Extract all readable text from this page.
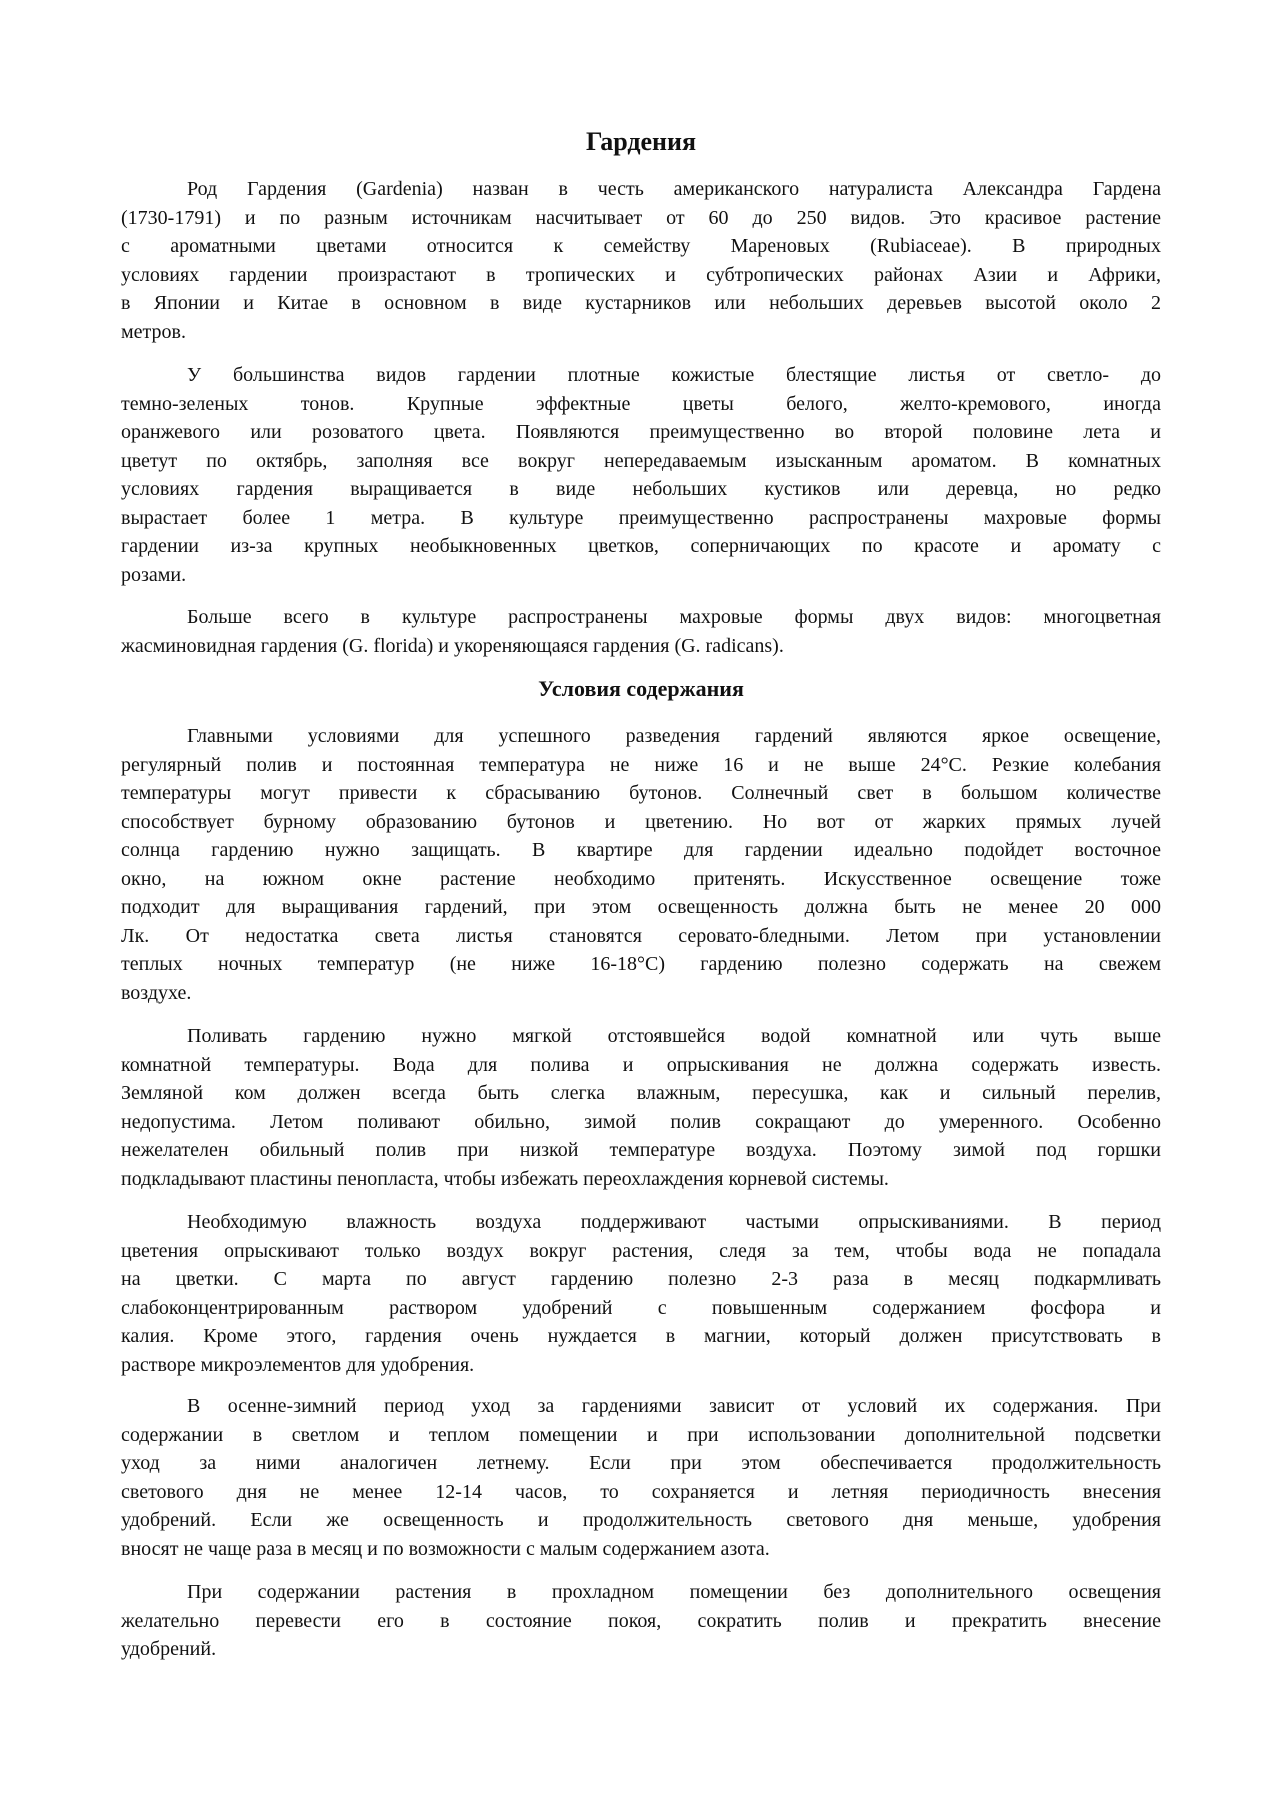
Гардения
Род Гардения (Gardenia) назван в честь американского натуралиста Александра Гардена
(1730-1791) и по разным источникам насчитывает от 60 до 250 видов. Это красивое растение
с ароматными цветами относится к семейству Мареновых (Rubiaceae). В природных
условиях гардении произрастают в тропических и субтропических районах Азии и Африки,
в Японии и Китае в основном в виде кустарников или небольших деревьев высотой около 2
метров.
У большинства видов гардении плотные кожистые блестящие листья от светло- до
темно-зеленых тонов. Крупные эффектные цветы белого, желто-кремового, иногда
оранжевого или розоватого цвета. Появляются преимущественно во второй половине лета и
цветут по октябрь, заполняя все вокруг непередаваемым изысканным ароматом. В комнатных
условиях гардения выращивается в виде небольших кустиков или деревца, но редко
вырастает более 1 метра. В культуре преимущественно распространены махровые формы
гардении из-за крупных необыкновенных цветков, соперничающих по красоте и аромату с
розами.
Больше всего в культуре распространены махровые формы двух видов: многоцветная
жасминовидная гардения (G. florida) и укореняющаяся гардения (G. radicans).
Условия содержания
Главными условиями для успешного разведения гардений являются яркое освещение,
регулярный полив и постоянная температура не ниже 16 и не выше 24°С. Резкие колебания
температуры могут привести к сбрасыванию бутонов. Солнечный свет в большом количестве
способствует бурному образованию бутонов и цветению. Но вот от жарких прямых лучей
солнца гардению нужно защищать. В квартире для гардении идеально подойдет восточное
окно, на южном окне растение необходимо притенять. Искусственное освещение тоже
подходит для выращивания гардений, при этом освещенность должна быть не менее 20 000
Лк. От недостатка света листья становятся серовато-бледными. Летом при установлении
теплых ночных температур (не ниже 16-18°С) гардению полезно содержать на свежем
воздухе.
Поливать гардению нужно мягкой отстоявшейся водой комнатной или чуть выше
комнатной температуры. Вода для полива и опрыскивания не должна содержать известь.
Земляной ком должен всегда быть слегка влажным, пересушка, как и сильный перелив,
недопустима. Летом поливают обильно, зимой полив сокращают до умеренного. Особенно
нежелателен обильный полив при низкой температуре воздуха. Поэтому зимой под горшки
подкладывают пластины пенопласта, чтобы избежать переохлаждения корневой системы.
Необходимую влажность воздуха поддерживают частыми опрыскиваниями. В период
цветения опрыскивают только воздух вокруг растения, следя за тем, чтобы вода не попадала
на цветки. С марта по август гардению полезно 2-3 раза в месяц подкармливать
слабоконцентрированным раствором удобрений с повышенным содержанием фосфора и
калия. Кроме этого, гардения очень нуждается в магнии, который должен присутствовать в
растворе микроэлементов для удобрения.
В осенне-зимний период уход за гардениями зависит от условий их содержания. При
содержании в светлом и теплом помещении и при использовании дополнительной подсветки
уход за ними аналогичен летнему. Если при этом обеспечивается продолжительность
светового дня не менее 12-14 часов, то сохраняется и летняя периодичность внесения
удобрений. Если же освещенность и продолжительность светового дня меньше, удобрения
вносят не чаще раза в месяц и по возможности с малым содержанием азота.
При содержании растения в прохладном помещении без дополнительного освещения
желательно перевести его в состояние покоя, сократить полив и прекратить внесение
удобрений.
